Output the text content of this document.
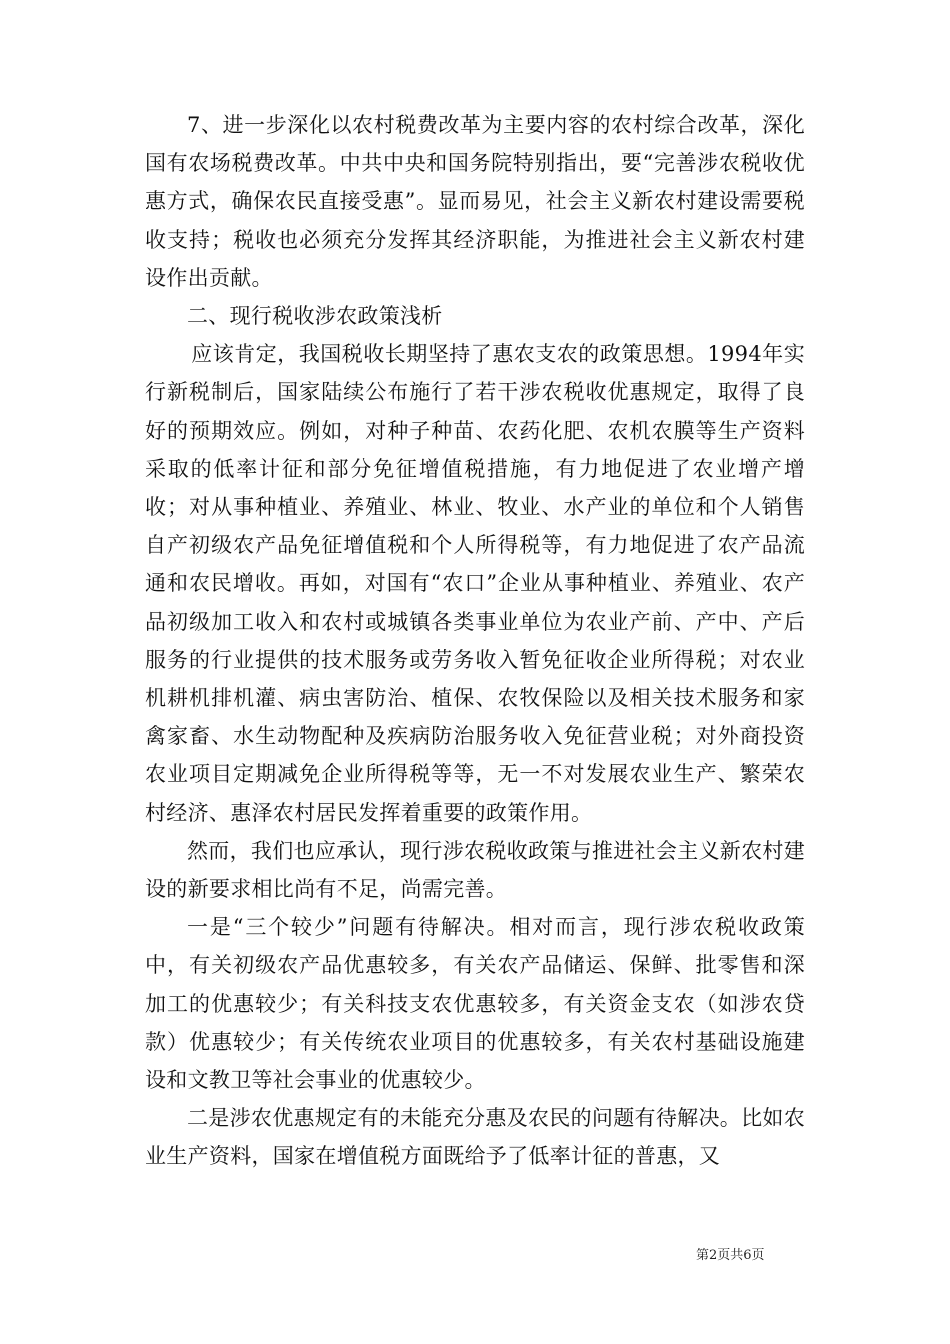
7、进一步深化以农村税费改革为主要内容的农村综合改革，深化国有农场税费改革。中共中央和国务院特别指出，要“完善涉农税收优惠方式，确保农民直接受惠”。显而易见，社会主义新农村建设需要税收支持；税收也必须充分发挥其经济职能，为推进社会主义新农村建设作出贡献。

二、现行税收涉农政策浅析

应该肯定，我国税收长期坚持了惠农支农的政策思想。1994年实行新税制后，国家陆续公布施行了若干涉农税收优惠规定，取得了良好的预期效应。例如，对种子种苗、农药化肥、农机农膜等生产资料采取的低率计征和部分免征增值税措施，有力地促进了农业增产增收；对从事种植业、养殖业、林业、牧业、水产业的单位和个人销售自产初级农产品免征增值税和个人所得税等，有力地促进了农产品流通和农民增收。再如，对国有“农口”企业从事种植业、养殖业、农产品初级加工收入和农村或城镇各类事业单位为农业产前、产中、产后服务的行业提供的技术服务或劳务收入暂免征收企业所得税；对农业机耕机排机灌、病虫害防治、植保、农牧保险以及相关技术服务和家禽家畜、水生动物配种及疾病防治服务收入免征营业税；对外商投资农业项目定期减免企业所得税等等，无一不对发展农业生产、繁荣农村经济、惠泽农村居民发挥着重要的政策作用。

然而，我们也应承认，现行涉农税收政策与推进社会主义新农村建设的新要求相比尚有不足，尚需完善。

一是“三个较少”问题有待解决。相对而言，现行涉农税收政策中，有关初级农产品优惠较多，有关农产品储运、保鲜、批零售和深加工的优惠较少；有关科技支农优惠较多，有关资金支农（如涉农贷款）优惠较少；有关传统农业项目的优惠较多，有关农村基础设施建设和文教卫等社会事业的优惠较少。

二是涉农优惠规定有的未能充分惠及农民的问题有待解决。比如农业生产资料，国家在增值税方面既给予了低率计征的普惠，又

第2页共6页
